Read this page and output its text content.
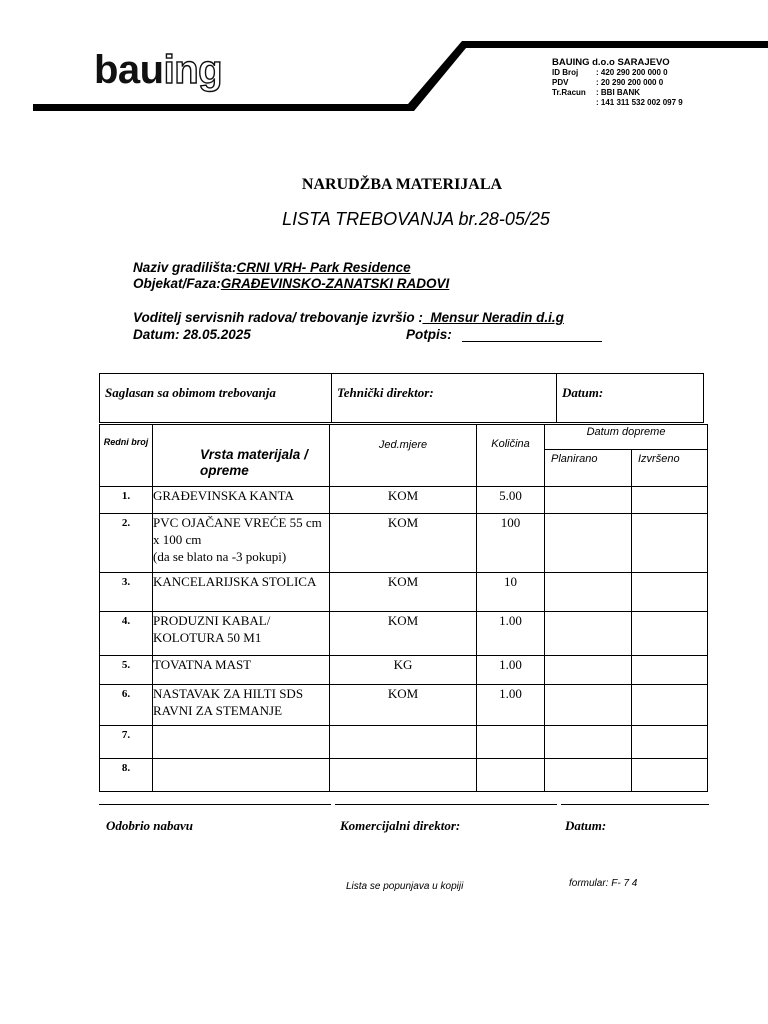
bauing	BAUING d.o.o SARAJEVO
ID Broj	: 420 290 200 000 0
PDV	: 20 290 200 000 0
Tr.Racun	: BBI BANK
: 141 311 532 002 097 9
NARUDŽBA MATERIJALA
LISTA TREBOVANJA br.28-05/25
Naziv gradilišta:CRNI VRH- Park Residence
Objekat/Faza:GRAĐEVINSKO-ZANATSKI RADOVI
Voditelj servisnih radova/ trebovanje izvršio :_Mensur Neradin d.i.g
Datum: 28.05.2025	Potpis:
Saglasan sa obimom trebovanja	Tehnički direktor:	Datum:
Redni broj	Vrsta materijala / opreme	Jed.mjere	Količina	Datum dopreme	
				Planirano	Izvršeno
1.	GRAĐEVINSKA KANTA	KOM	5.00		
2.	PVC OJAČANE VREĆE 55 cm x 100 cm
(da se blato na -3 pokupi)	KOM	100		
3.	KANCELARIJSKA STOLICA	KOM	10		
4.	PRODUZNI KABAL/ KOLOTURA 50 M1	KOM	1.00		
5.	TOVATNA MAST	KG	1.00		
6.	NASTAVAK ZA HILTI SDS RAVNI ZA STEMANJE	KOM	1.00		
7.					
8.					
Odobrio nabavu	Komercijalni direktor:	Datum:
Lista se popunjava u kopiji	formular: F- 7 4
